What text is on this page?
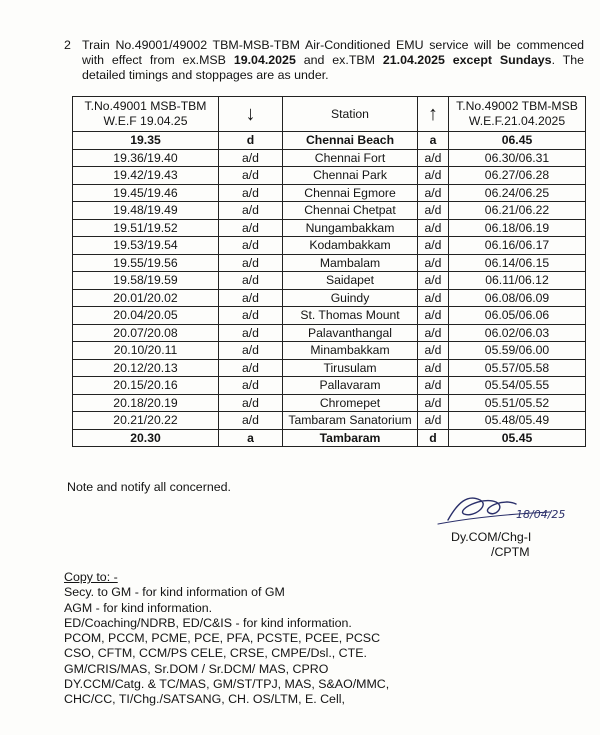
2 Train No.49001/49002 TBM-MSB-TBM Air-Conditioned EMU service will be commenced with effect from ex.MSB 19.04.2025 and ex.TBM 21.04.2025 except Sundays. The detailed timings and stoppages are as under.
T.No.49001 MSB-TBM
W.E.F 19.04.25	↓	Station	↑	T.No.49002 TBM-MSB
W.E.F.21.04.2025
19.35	d	Chennai Beach	a	06.45
19.36/19.40	a/d	Chennai Fort	a/d	06.30/06.31
19.42/19.43	a/d	Chennai Park	a/d	06.27/06.28
19.45/19.46	a/d	Chennai Egmore	a/d	06.24/06.25
19.48/19.49	a/d	Chennai Chetpat	a/d	06.21/06.22
19.51/19.52	a/d	Nungambakkam	a/d	06.18/06.19
19.53/19.54	a/d	Kodambakkam	a/d	06.16/06.17
19.55/19.56	a/d	Mambalam	a/d	06.14/06.15
19.58/19.59	a/d	Saidapet	a/d	06.11/06.12
20.01/20.02	a/d	Guindy	a/d	06.08/06.09
20.04/20.05	a/d	St. Thomas Mount	a/d	06.05/06.06
20.07/20.08	a/d	Palavanthangal	a/d	06.02/06.03
20.10/20.11	a/d	Minambakkam	a/d	05.59/06.00
20.12/20.13	a/d	Tirusulam	a/d	05.57/05.58
20.15/20.16	a/d	Pallavaram	a/d	05.54/05.55
20.18/20.19	a/d	Chromepet	a/d	05.51/05.52
20.21/20.22	a/d	Tambaram Sanatorium	a/d	05.48/05.49
20.30	a	Tambaram	d	05.45
Note and notify all concerned.
18/04/25
Dy.COM/Chg-I
/CPTM
Copy to: -
Secy. to GM - for kind information of GM
AGM - for kind information.
ED/Coaching/NDRB, ED/C&IS - for kind information.
PCOM, PCCM, PCME, PCE, PFA, PCSTE, PCEE, PCSC
CSO, CFTM, CCM/PS CELE, CRSE, CMPE/Dsl., CTE.
GM/CRIS/MAS, Sr.DOM / Sr.DCM/ MAS, CPRO
DY.CCM/Catg. & TC/MAS, GM/ST/TPJ, MAS, S&AO/MMC,
CHC/CC, TI/Chg./SATSANG, CH. OS/LTM, E. Cell,
